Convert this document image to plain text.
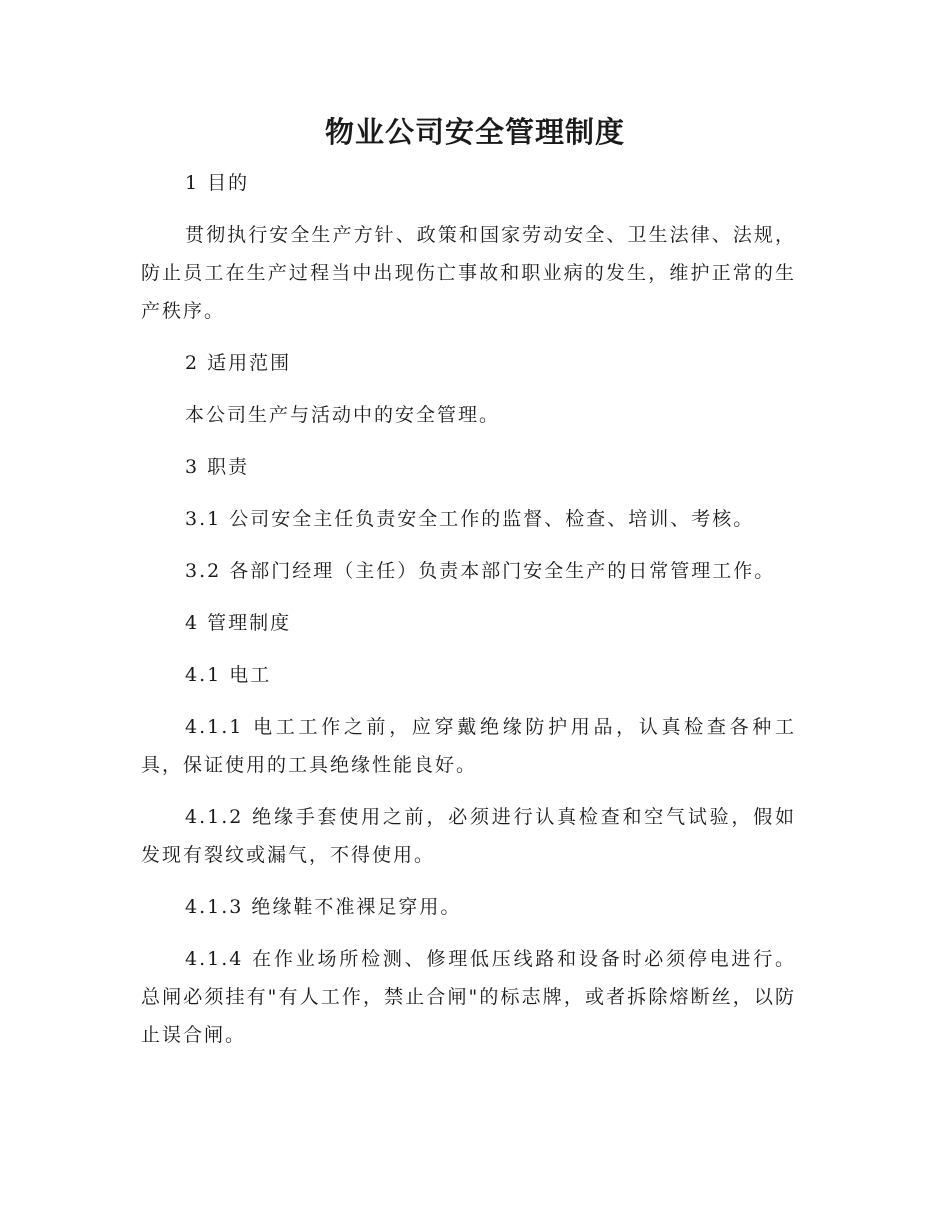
物业公司安全管理制度

1 目的

贯彻执行安全生产方针、政策和国家劳动安全、卫生法律、法规，防止员工在生产过程当中出现伤亡事故和职业病的发生，维护正常的生产秩序。

2 适用范围

本公司生产与活动中的安全管理。

3 职责

3.1 公司安全主任负责安全工作的监督、检查、培训、考核。

3.2 各部门经理（主任）负责本部门安全生产的日常管理工作。

4 管理制度

4.1 电工

4.1.1 电工工作之前，应穿戴绝缘防护用品，认真检查各种工具，保证使用的工具绝缘性能良好。

4.1.2 绝缘手套使用之前，必须进行认真检查和空气试验，假如发现有裂纹或漏气，不得使用。

4.1.3 绝缘鞋不准裸足穿用。

4.1.4 在作业场所检测、修理低压线路和设备时必须停电进行。总闸必须挂有"有人工作，禁止合闸"的标志牌，或者拆除熔断丝，以防止误合闸。
